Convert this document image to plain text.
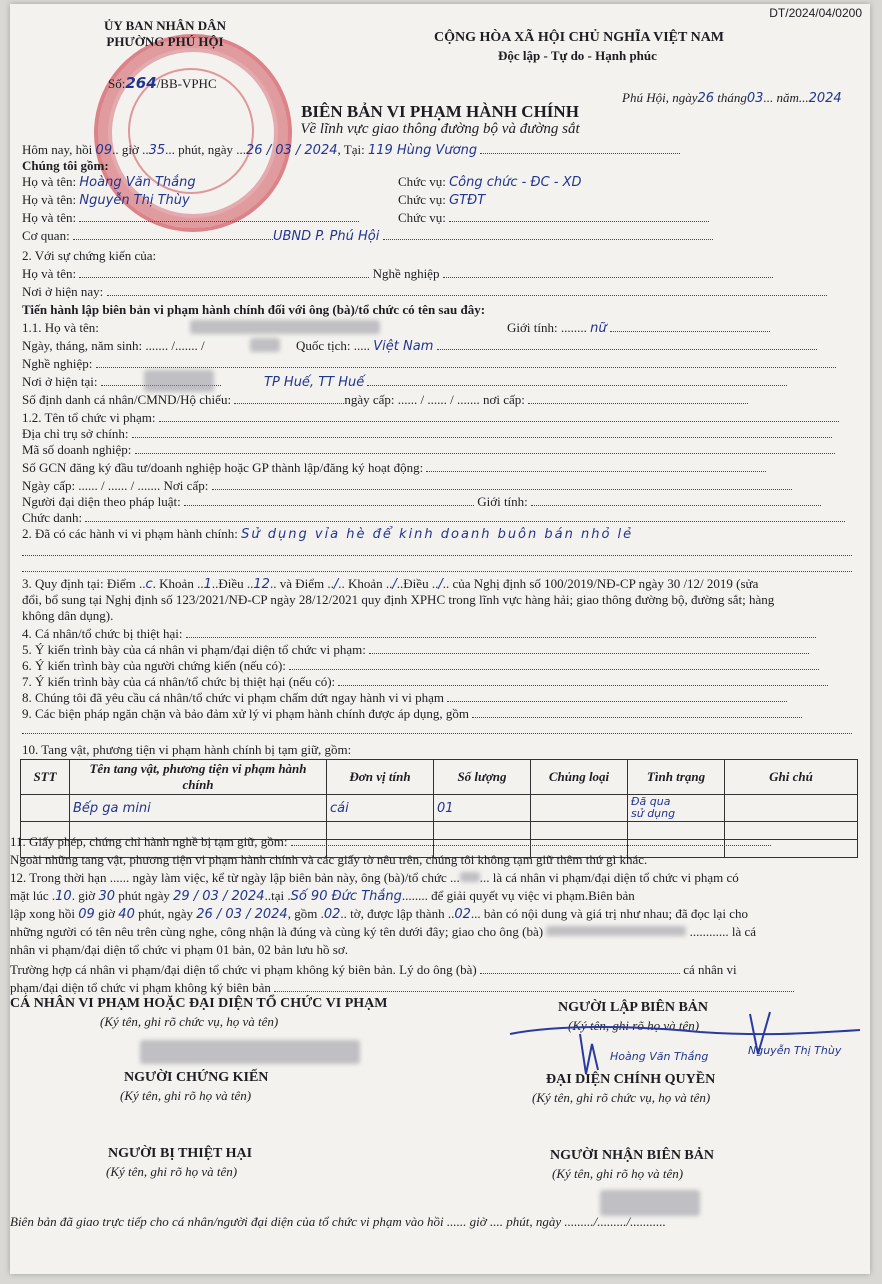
DT/2024/04/0200
ỦY BAN NHÂN DÂN
PHƯỜNG PHÚ HỘI
Số:264/BB-VPHC
CỘNG HÒA XÃ HỘI CHỦ NGHĨA VIỆT NAM
Độc lập - Tự do - Hạnh phúc
Phú Hội, ngày26 tháng03... năm...2024
BIÊN BẢN VI PHẠM HÀNH CHÍNH
Về lĩnh vực giao thông đường bộ và đường sắt
Hôm nay, hồi 09.. giờ ..35... phút, ngày ...26 / 03 / 2024, Tại: 119 Hùng Vương
Chúng tôi gồm:
Họ và tên: Hoàng Văn Thắng	Chức vụ: Công chức - ĐC - XD
Họ và tên: Nguyễn Thị Thùy	Chức vụ: GTĐT
Họ và tên:	Chức vụ:
Cơ quan:	UBND P. Phú Hội
2. Với sự chứng kiến của:
Họ và tên:	Nghề nghiệp
Nơi ở hiện nay:
Tiến hành lập biên bản vi phạm hành chính đối với ông (bà)/tổ chức có tên sau đây:
1.1. Họ và tên:	Giới tính: ........ nữ
Ngày, tháng, năm sinh: ....... /....... /	Quốc tịch: ..... Việt Nam
Nghề nghiệp:
Nơi ở hiện tại:	TP Huế, TT Huế
Số định danh cá nhân/CMND/Hộ chiếu:	ngày cấp: ...... / ...... / ....... nơi cấp:
1.2. Tên tổ chức vi phạm:
Địa chỉ trụ sở chính:
Mã số doanh nghiệp:
Số GCN đăng ký đầu tư/doanh nghiệp hoặc GP thành lập/đăng ký hoạt động:
Ngày cấp: ...... / ...... / ....... Nơi cấp:
Người đại diện theo pháp luật:	Giới tính:
Chức danh:
2. Đã có các hành vi vi phạm hành chính: Sử dụng vỉa hè để kinh doanh buôn bán nhỏ lẻ
3. Quy định tại: Điểm ..c. Khoản ..1..Điều ..12.. và Điểm ../.. Khoản ../..Điều ../.. của Nghị định số 100/2019/NĐ-CP ngày 30 /12/ 2019 (sửa
đổi, bổ sung tại Nghị định số 123/2021/NĐ-CP ngày 28/12/2021 quy định XPHC trong lĩnh vực hàng hải; giao thông đường bộ, đường sắt; hàng
không dân dụng).
4. Cá nhân/tổ chức bị thiệt hại:
5. Ý kiến trình bày của cá nhân vi phạm/đại diện tổ chức vi phạm:
6. Ý kiến trình bày của người chứng kiến (nếu có):
7. Ý kiến trình bày của cá nhân/tổ chức bị thiệt hại (nếu có):
8. Chúng tôi đã yêu cầu cá nhân/tổ chức vi phạm chấm dứt ngay hành vi vi phạm
9. Các biện pháp ngăn chặn và bảo đảm xử lý vi phạm hành chính được áp dụng, gồm
10. Tang vật, phương tiện vi phạm hành chính bị tạm giữ, gồm:
STT	Tên tang vật, phương tiện vi phạm hành chính	Đơn vị tính	Số lượng	Chủng loại	Tình trạng	Ghi chú
	Bếp ga mini	cái	01		Đã qua
sử dụng	

11. Giấy phép, chứng chỉ hành nghề bị tạm giữ, gồm:
Ngoài những tang vật, phương tiện vi phạm hành chính và các giấy tờ nêu trên, chúng tôi không tạm giữ thêm thứ gì khác.
12. Trong thời hạn ...... ngày làm việc, kể từ ngày lập biên bản này, ông (bà)/tổ chức ... ... là cá nhân vi phạm/đại diện tổ chức vi phạm có
mặt lúc .10. giờ 30 phút ngày 29 / 03 / 2024..tại .Số 90 Đức Thắng........ để giải quyết vụ việc vi phạm.Biên bản
lập xong hồi 09 giờ 40 phút, ngày 26 / 03 / 2024, gồm .02.. tờ, được lập thành ..02... bản có nội dung và giá trị như nhau; đã đọc lại cho
những người có tên nêu trên cùng nghe, công nhận là đúng và cùng ký tên dưới đây; giao cho ông (bà)	............ là cá
nhân vi phạm/đại diện tổ chức vi phạm 01 bản, 02 bản lưu hồ sơ.
Trường hợp cá nhân vi phạm/đại diện tổ chức vi phạm không ký biên bản. Lý do ông (bà)	cá nhân vi
phạm/đại diện tổ chức vi phạm không ký biên bản
CÁ NHÂN VI PHẠM HOẶC ĐẠI DIỆN TỔ CHỨC VI PHẠM
(Ký tên, ghi rõ chức vụ, họ và tên)
NGƯỜI LẬP BIÊN BẢN
(Ký tên, ghi rõ họ và tên)
Hoàng Văn Thắng	Nguyễn Thị Thùy
NGƯỜI CHỨNG KIẾN
(Ký tên, ghi rõ họ và tên)
ĐẠI DIỆN CHÍNH QUYỀN
(Ký tên, ghi rõ chức vụ, họ và tên)
NGƯỜI BỊ THIỆT HẠI
(Ký tên, ghi rõ họ và tên)
NGƯỜI NHẬN BIÊN BẢN
(Ký tên, ghi rõ họ và tên)
Biên bản đã giao trực tiếp cho cá nhân/người đại diện của tổ chức vi phạm vào hồi ...... giờ .... phút, ngày ........./........./...........
